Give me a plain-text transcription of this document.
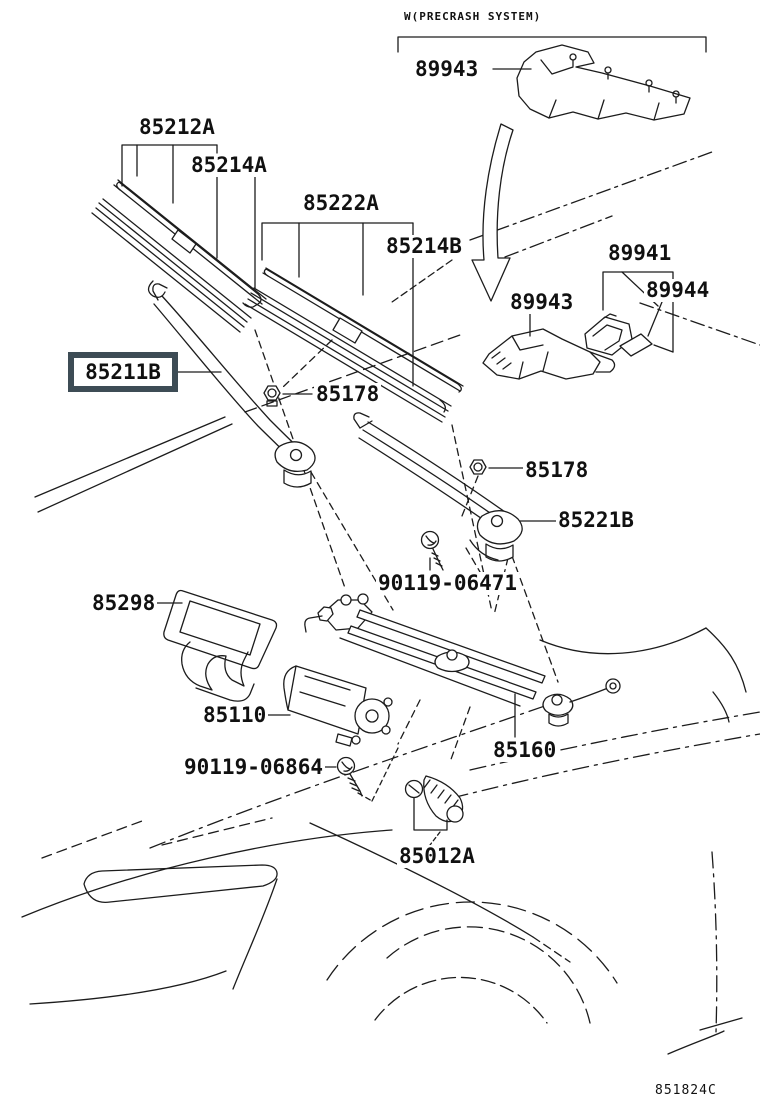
W(PRECRASH SYSTEM)
89943
85212A
85214A
85222A
85214B	89941
89944
89943
85211B
85178
85178
85221B
90119-06471
85298
85110
90119-06864
85160
85012A
851824C
